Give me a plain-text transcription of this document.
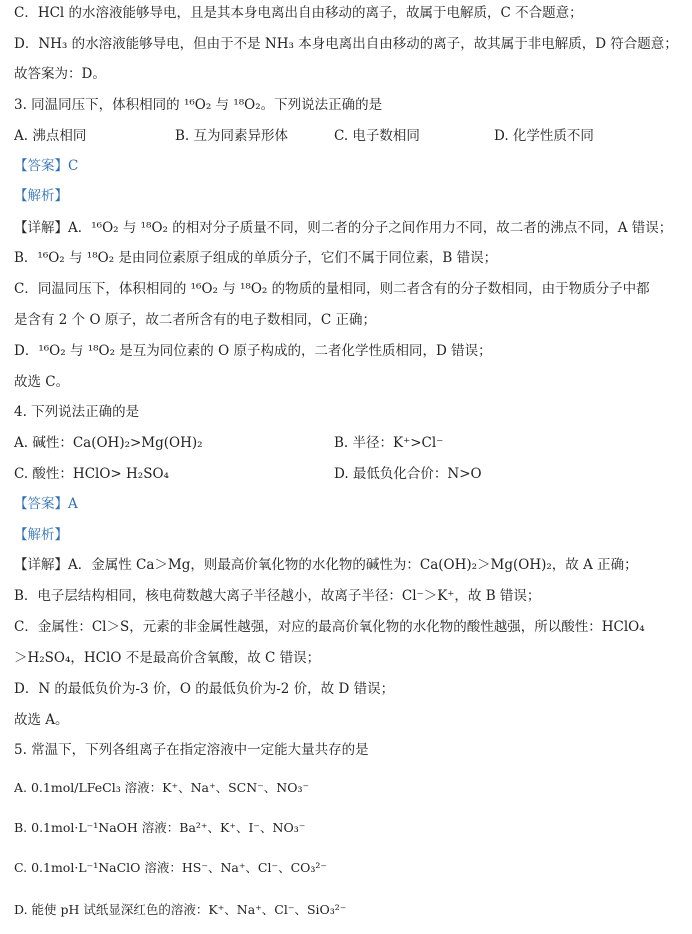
C．HCl 的水溶液能够导电，且是其本身电离出自由移动的离子，故属于电解质，C 不合题意；
D．NH₃ 的水溶液能够导电，但由于不是 NH₃ 本身电离出自由移动的离子，故其属于非电解质，D 符合题意；
故答案为：D。
3. 同温同压下，体积相同的 ¹⁶O₂ 与 ¹⁸O₂。下列说法正确的是
A. 沸点相同	B. 互为同素异形体	C. 电子数相同	D. 化学性质不同
【答案】C
【解析】
【详解】A．¹⁶O₂ 与 ¹⁸O₂ 的相对分子质量不同，则二者的分子之间作用力不同，故二者的沸点不同，A 错误；
B．¹⁶O₂ 与 ¹⁸O₂ 是由同位素原子组成的单质分子，它们不属于同位素，B 错误；
C．同温同压下，体积相同的 ¹⁶O₂ 与 ¹⁸O₂ 的物质的量相同，则二者含有的分子数相同，由于物质分子中都
是含有 2 个 O 原子，故二者所含有的电子数相同，C 正确；
D．¹⁶O₂ 与 ¹⁸O₂ 是互为同位素的 O 原子构成的，二者化学性质相同，D 错误；
故选 C。
4. 下列说法正确的是
A. 碱性：Ca(OH)₂>Mg(OH)₂	B. 半径：K⁺>Cl⁻
C. 酸性：HClO> H₂SO₄	D. 最低负化合价：N>O
【答案】A
【解析】
【详解】A．金属性 Ca＞Mg，则最高价氧化物的水化物的碱性为：Ca(OH)₂＞Mg(OH)₂，故 A 正确；
B．电子层结构相同，核电荷数越大离子半径越小，故离子半径：Cl⁻＞K⁺，故 B 错误；
C．金属性：Cl＞S，元素的非金属性越强，对应的最高价氧化物的水化物的酸性越强，所以酸性：HClO₄
＞H₂SO₄，HClO 不是最高价含氧酸，故 C 错误；
D．N 的最低负价为-3 价，O 的最低负价为-2 价，故 D 错误；
故选 A。
5. 常温下，下列各组离子在指定溶液中一定能大量共存的是
A. 0.1mol/LFeCl₃ 溶液：K⁺、Na⁺、SCN⁻、NO₃⁻
B. 0.1mol·L⁻¹NaOH 溶液：Ba²⁺、K⁺、I⁻、NO₃⁻
C. 0.1mol·L⁻¹NaClO 溶液：HS⁻、Na⁺、Cl⁻、CO₃²⁻
D. 能使 pH 试纸显深红色的溶液：K⁺、Na⁺、Cl⁻、SiO₃²⁻
